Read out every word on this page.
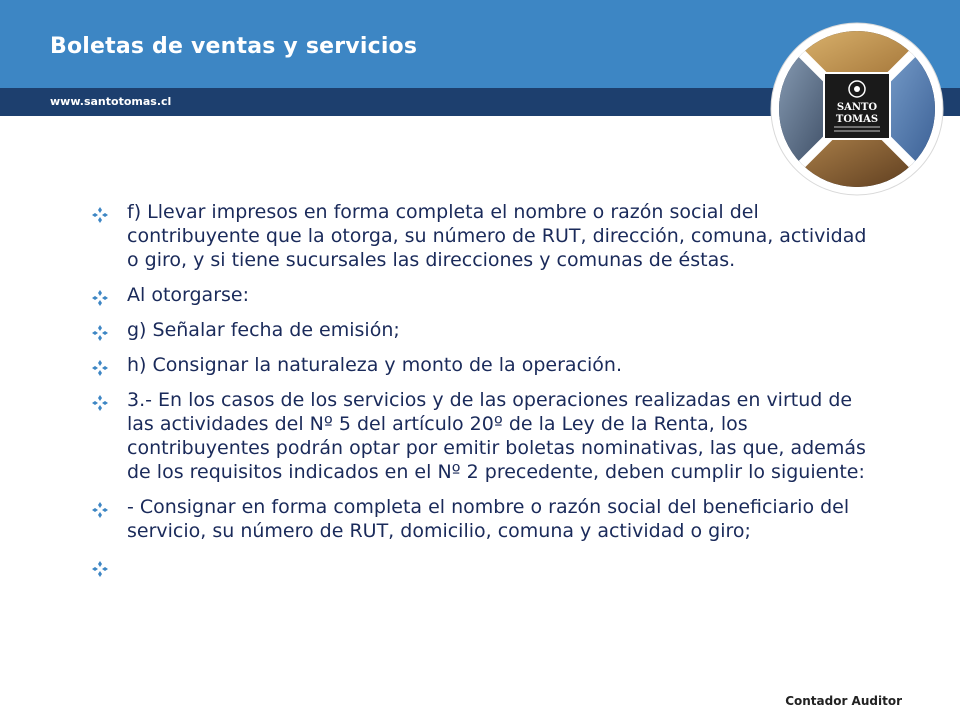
Boletas de ventas y servicios
www.santotomas.cl	SANTO
TOMAS
f) Llevar impresos en forma completa el nombre o razón social del contribuyente que la otorga, su número de RUT, dirección, comuna, actividad o giro, y si tiene sucursales las direcciones y comunas de éstas.
Al otorgarse:
g) Señalar fecha de emisión;
h) Consignar la naturaleza y monto de la operación.
3.- En los casos de los servicios y de las operaciones realizadas en virtud de las actividades del Nº 5 del artículo 20º de la Ley de la Renta, los contribuyentes podrán optar por emitir boletas nominativas, las que, además de los requisitos indicados en el Nº 2 precedente, deben cumplir lo siguiente:
- Consignar en forma completa el nombre o razón social del beneficiario del servicio, su número de RUT, domicilio, comuna y actividad o giro;
Contador Auditor
